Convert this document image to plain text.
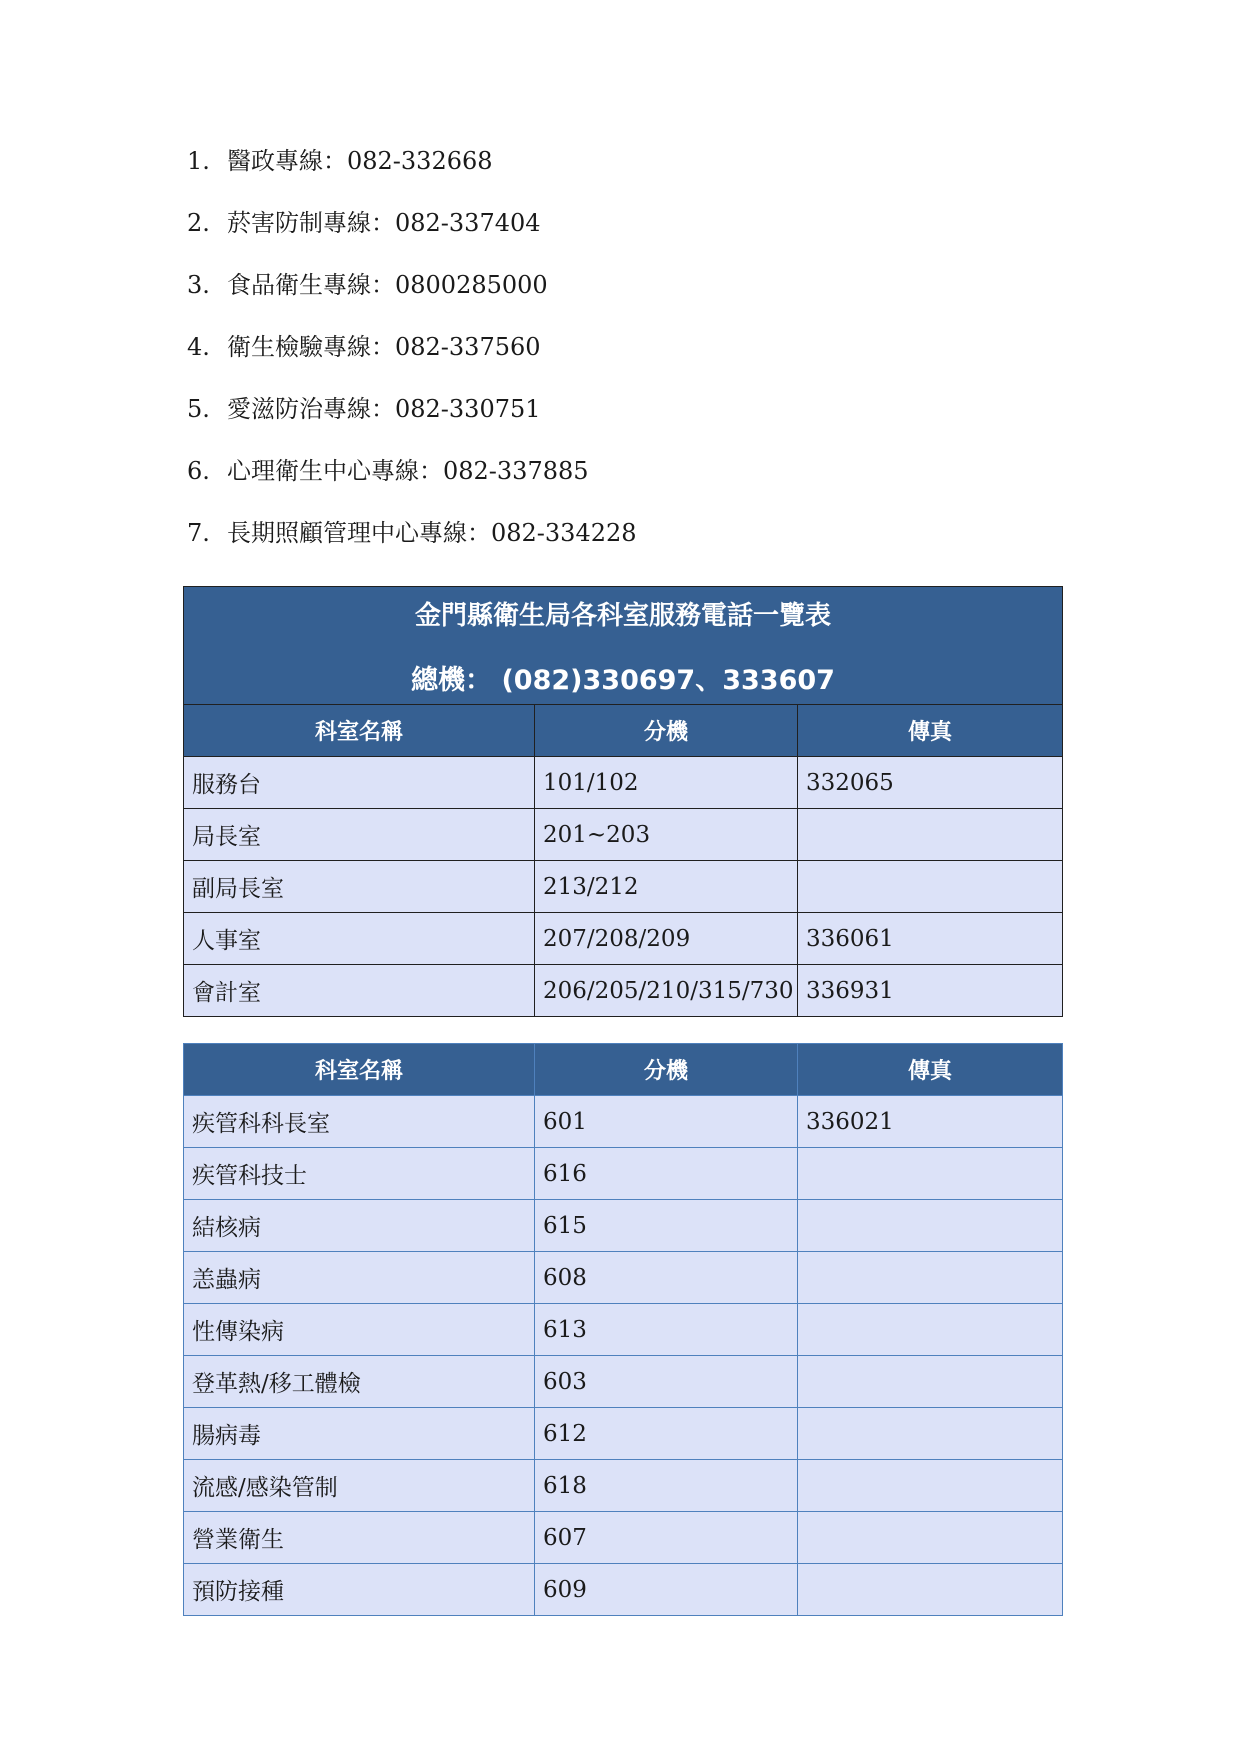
1. 醫政專線：082-332668
2. 菸害防制專線：082-337404
3. 食品衛生專線：0800285000
4. 衛生檢驗專線：082-337560
5. 愛滋防治專線：082-330751
6. 心理衛生中心專線：082-337885
7. 長期照顧管理中心專線：082-334228
金門縣衛生局各科室服務電話一覽表
總機： (082)330697、333607		

科室名稱	分機	傳真
服務台	101/102	332065
局長室	201~203	
副局長室	213/212	
人事室	207/208/209	336061
會計室	206/205/210/315/730	336931
科室名稱	分機	傳真
疾管科科長室	601	336021
疾管科技士	616	
結核病	615	
恙蟲病	608	
性傳染病	613	
登革熱/移工體檢	603	
腸病毒	612	
流感/感染管制	618	
營業衛生	607	
預防接種	609	
